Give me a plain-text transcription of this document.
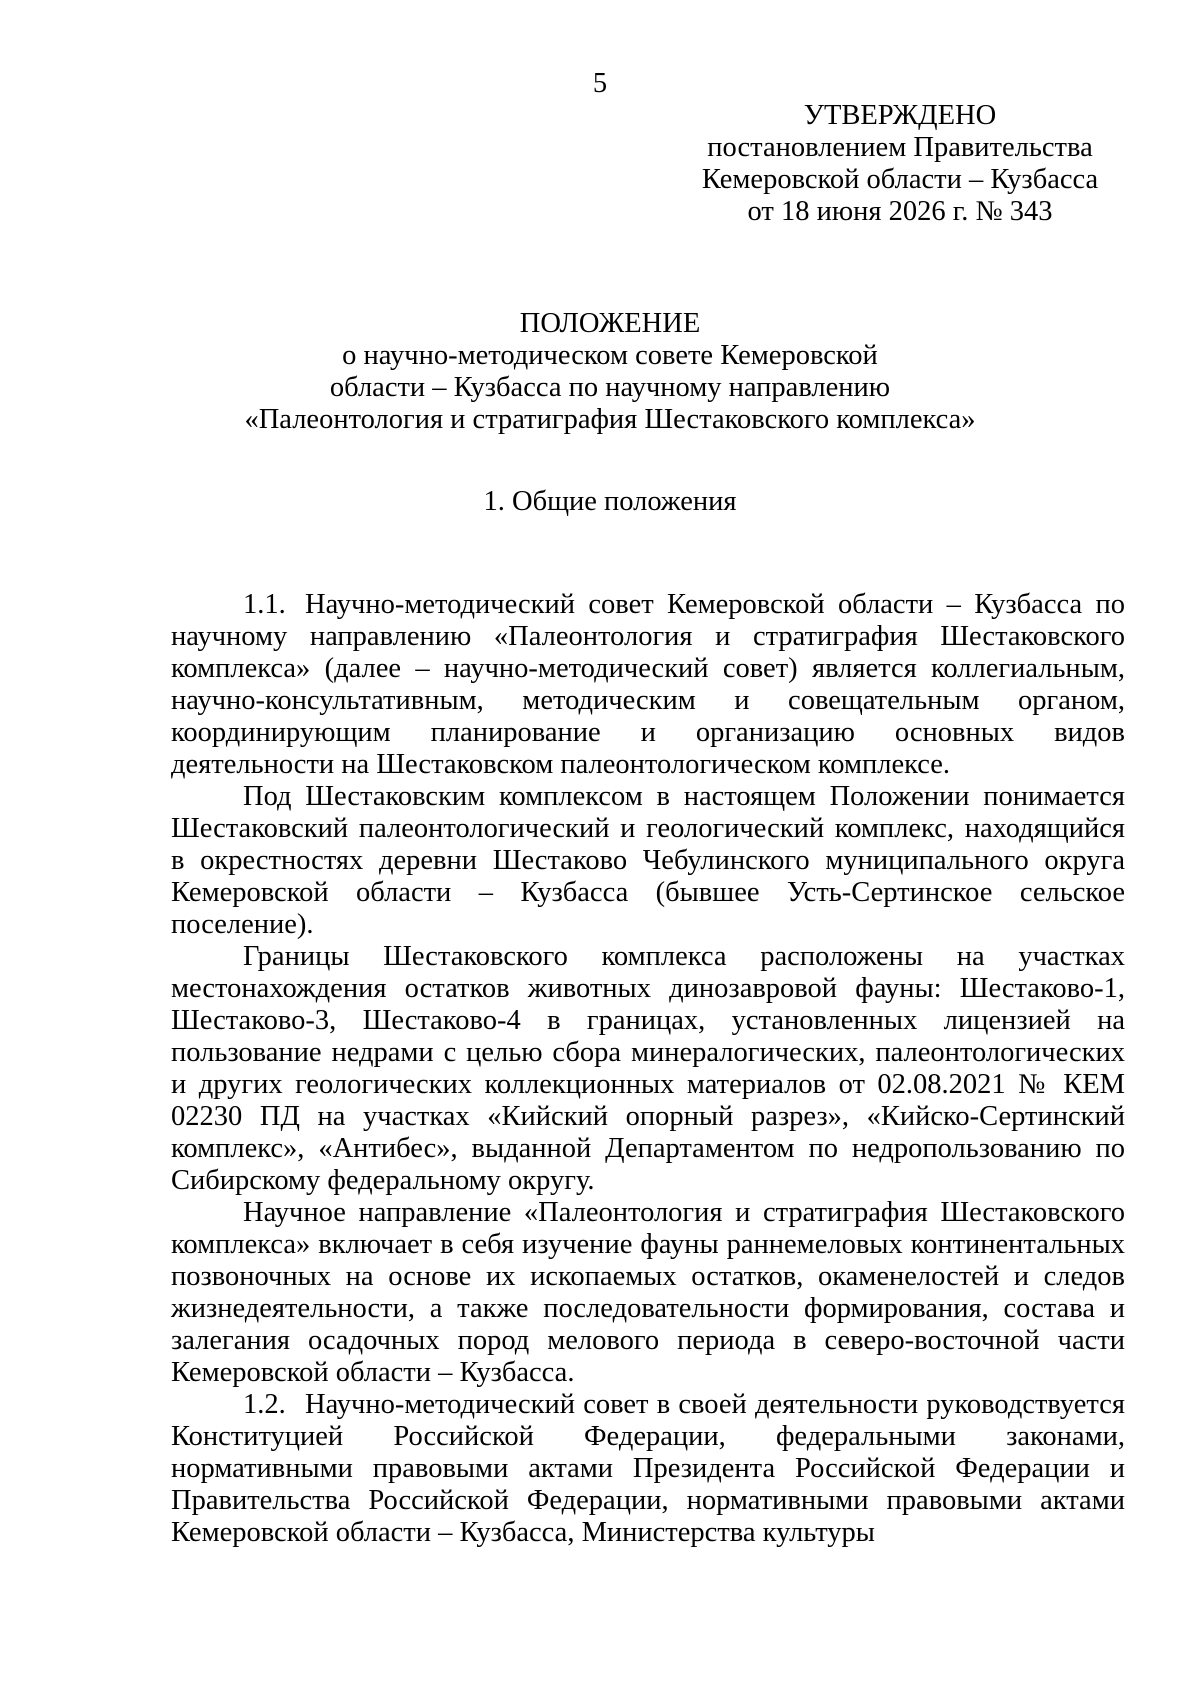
5
УТВЕРЖДЕНО
постановлением Правительства
Кемеровской области – Кузбасса
от 18 июня 2026 г. № 343
ПОЛОЖЕНИЕ
о научно-методическом совете Кемеровской
области – Кузбасса по научному направлению
«Палеонтология и стратиграфия Шестаковского комплекса»
1. Общие положения

1.1. Научно-методический совет Кемеровской области – Кузбасса по научному направлению «Палеонтология и стратиграфия Шестаковского комплекса» (далее – научно-методический совет) является коллегиальным, научно-консультативным, методическим и совещательным органом, координирующим планирование и организацию основных видов деятельности на Шестаковском палеонтологическом комплексе.

Под Шестаковским комплексом в настоящем Положении понимается Шестаковский палеонтологический и геологический комплекс, находящийся в окрестностях деревни Шестаково Чебулинского муниципального округа Кемеровской области – Кузбасса (бывшее Усть-Сертинское сельское поселение).

Границы Шестаковского комплекса расположены на участках местонахождения остатков животных динозавровой фауны: Шестаково-1, Шестаково-3, Шестаково-4 в границах, установленных лицензией на пользование недрами с целью сбора минералогических, палеонтологических и других геологических коллекционных материалов от 02.08.2021 № КЕМ 02230 ПД на участках «Кийский опорный разрез», «Кийско-Сертинский комплекс», «Антибес», выданной Департаментом по недропользованию по Сибирскому федеральному округу.

Научное направление «Палеонтология и стратиграфия Шестаковского комплекса» включает в себя изучение фауны раннемеловых континентальных позвоночных на основе их ископаемых остатков, окаменелостей и следов жизнедеятельности, а также последовательности формирования, состава и залегания осадочных пород мелового периода в северо-восточной части Кемеровской области – Кузбасса.

1.2. Научно-методический совет в своей деятельности руководствуется Конституцией Российской Федерации, федеральными законами, нормативными правовыми актами Президента Российской Федерации и Правительства Российской Федерации, нормативными правовыми актами Кемеровской области – Кузбасса, Министерства культуры
